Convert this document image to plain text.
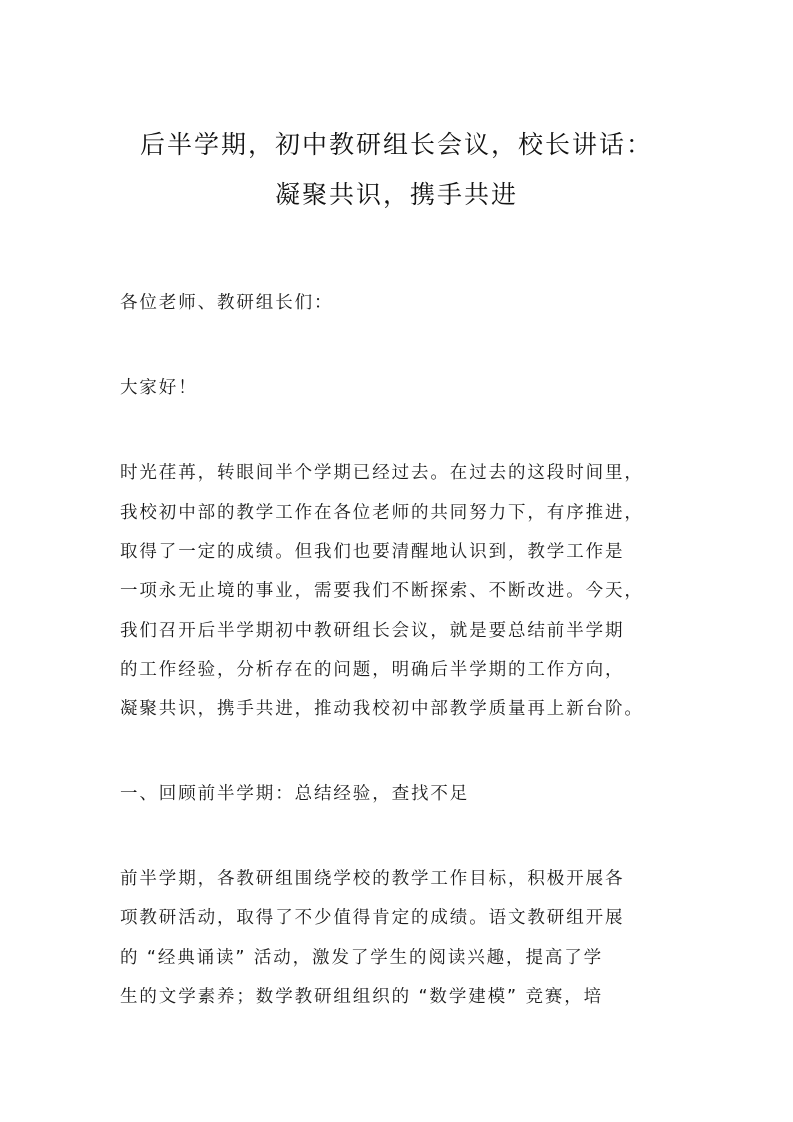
后半学期，初中教研组长会议，校长讲话：
凝聚共识，携手共进
各位老师、教研组长们：
大家好！
时光荏苒，转眼间半个学期已经过去。在过去的这段时间里，
我校初中部的教学工作在各位老师的共同努力下，有序推进，
取得了一定的成绩。但我们也要清醒地认识到，教学工作是
一项永无止境的事业，需要我们不断探索、不断改进。今天，
我们召开后半学期初中教研组长会议，就是要总结前半学期
的工作经验，分析存在的问题，明确后半学期的工作方向，
凝聚共识，携手共进，推动我校初中部教学质量再上新台阶。
一、回顾前半学期：总结经验，查找不足
前半学期，各教研组围绕学校的教学工作目标，积极开展各
项教研活动，取得了不少值得肯定的成绩。语文教研组开展
的 “经典诵读” 活动，激发了学生的阅读兴趣，提高了学
生的文学素养；数学教研组组织的 “数学建模” 竞赛，培
